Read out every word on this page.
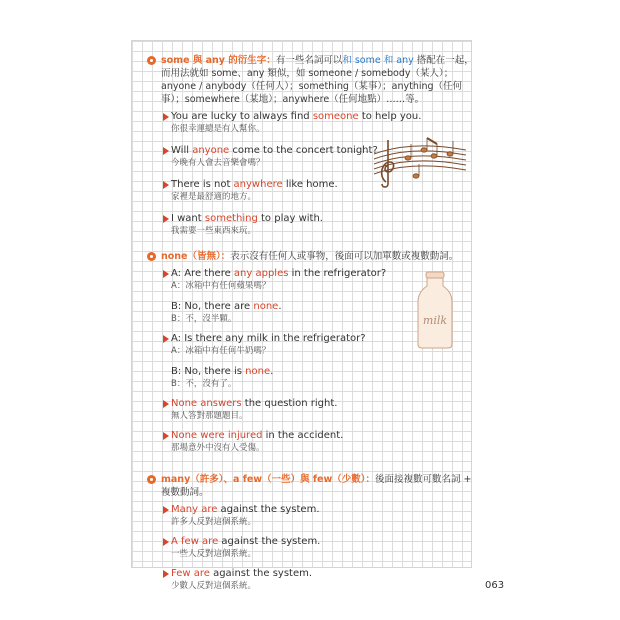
some 與 any 的衍生字：有一些名詞可以和 some 和 any 搭配在一起，而用法就如 some、any 類似，如 someone / somebody（某人）；anyone / anybody（任何人）；something（某事）；anything（任何事）；somewhere（某地）；anywhere（任何地點）……等。
You are lucky to always find someone to help you.
你很幸運總是有人幫你。
Will anyone come to the concert tonight?
今晚有人會去音樂會嗎？
There is not anywhere like home.
家裡是最舒適的地方。
I want something to play with.
我需要一些東西來玩。
none（皆無）：表示沒有任何人或事物，後面可以加單數或複數動詞。
A: Are there any apples in the refrigerator?
A：冰箱中有任何蘋果嗎？
B: No, there are none.
B：不，沒半顆。
A: Is there any milk in the refrigerator?
A：冰箱中有任何牛奶嗎？
B: No, there is none.
B：不，沒有了。
None answers the question right.
無人答對那題題目。
None were injured in the accident.
那場意外中沒有人受傷。
many（許多）、a few（一些）與 few（少數）：後面接複數可數名詞 + 複數動詞。
Many are against the system.
許多人反對這個系統。
A few are against the system.
一些人反對這個系統。
Few are against the system.
少數人反對這個系統。
milk
063
